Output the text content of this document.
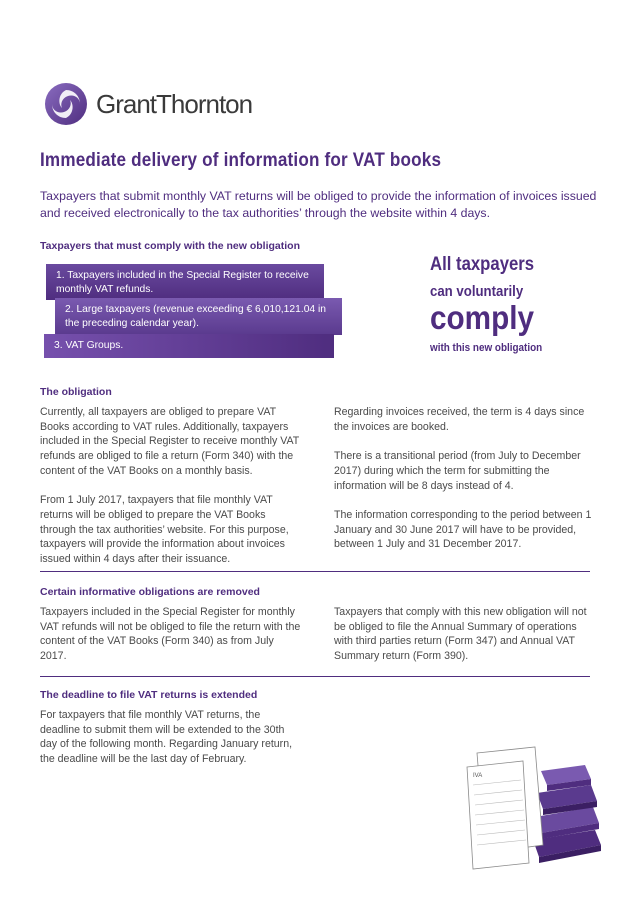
GrantThornton
Immediate delivery of information for VAT books
Taxpayers that submit monthly VAT returns will be obliged to provide the information of invoices issued and received electronically to the tax authorities’ through the website within 4 days.
Taxpayers that must comply with the new obligation
1. Taxpayers included in the Special Register to receive monthly VAT refunds.
2. Large taxpayers (revenue exceeding € 6,010,121.04 in the preceding calendar year).
3. VAT Groups.
All taxpayers
can voluntarily
comply
with this new obligation
The obligation

Currently, all taxpayers are obliged to prepare VAT Books according to VAT rules. Additionally, taxpayers included in the Special Register to receive monthly VAT refunds are obliged to file a return (Form 340) with the content of the VAT Books on a monthly basis.

From 1 July 2017, taxpayers that file monthly VAT returns will be obliged to prepare the VAT Books through the tax authorities’ website. For this purpose, taxpayers will provide the information about invoices issued within 4 days after their issuance.

Regarding invoices received, the term is 4 days since the invoices are booked.

There is a transitional period (from July to December 2017) during which the term for submitting the information will be 8 days instead of 4.

The information corresponding to the period between 1 January and 30 June 2017 will have to be provided, between 1 July and 31 December 2017.

Certain informative obligations are removed
Taxpayers included in the Special Register for monthly VAT refunds will not be obliged to file the return with the content of the VAT Books (Form 340) as from July 2017.
Taxpayers that comply with this new obligation will not be obliged to file the Annual Summary of operations with third parties return (Form 347) and Annual VAT Summary return (Form 390).
The deadline to file VAT returns is extended
For taxpayers that file monthly VAT returns, the deadline to submit them will be extended to the 30th day of the following month. Regarding January return, the deadline will be the last day of February.
IVA
